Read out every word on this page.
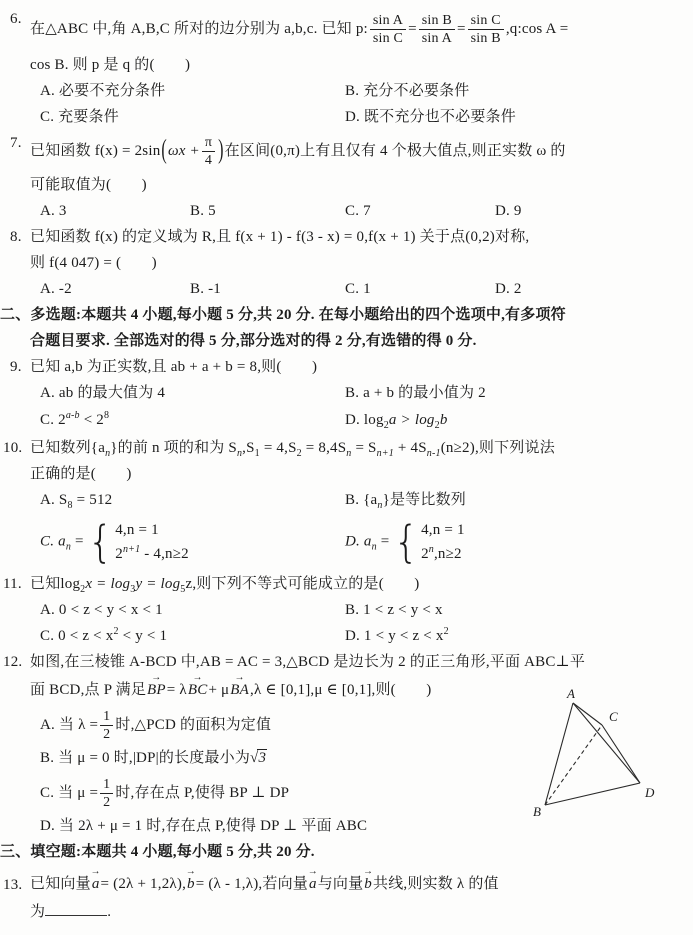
6.
在△ABC 中,角 A,B,C 所对的边分别为 a,b,c. 已知 p: $\frac{\text{sin A}}{\text{sin C}} = \frac{\text{sin B}}{\text{sin A}} = \frac{\text{sin C}}{\text{sin B}}$ ,q:cos A =
cos B. 则 p 是 q 的(　　)
A. 必要不充分条件	B. 充分不必要条件
C. 充要条件	D. 既不充分也不必要条件
7. 已知函数 f(x) = 2sin ( $\omega x + \frac{\pi}{4}$ ) 在区间(0,π)上有且仅有 4 个极大值点,则正实数 ω 的
可能取值为(　　)
A. 3	B. 5	C. 7	D. 9
8. 已知函数 f(x) 的定义域为 R,且 f(x + 1) - f(3 - x) = 0,f(x + 1) 关于点(0,2)对称,
则 f(4 047) = (　　)
A. -2	B. -1	C. 1	D. 2
二、多选题:本题共 4 小题,每小题 5 分,共 20 分. 在每小题给出的四个选项中,有多项符
合题目要求. 全部选对的得 5 分,部分选对的得 2 分,有选错的得 0 分.
9. 已知 a,b 为正实数,且 ab + a + b = 8,则(　　)
A. ab 的最大值为 4	B. a + b 的最小值为 2
C. $2^{a-b} < 2^8$	D. $\log_2a > \log_2b$
10. 已知数列$\{a_n\}$的前 n 项的和为 $S_n,S_1 = 4,S_2 = 8,4S_n = S_{n+1} + 4S_{n-1}(n\ge 2)$,则下列说法
正确的是(　　)
A. $S_8 = 512$	B. $\{a_n\}$是等比数列
C. $a_n$ = { 4,n = 1
$2^{n+1} - 4,n\ge 2$
D. $a_n$ = { 4,n = 1
$2^n,n\ge 2$
11. 已知$\log_2x = \log_3y = \log_5z$,则下列不等式可能成立的是(　　)
A. 0 < z < y < x < 1	B. 1 < z < y < x
C. $0 < z < x^2 < y < 1$	D. $1 < y < z < x^2$
12. 如图,在三棱锥 A-BCD 中,AB = AC = 3,△BCD 是边长为 2 的正三角形,平面 ABC⊥平
面 BCD,点 P 满足
→
BP = λ
→
BC + μ
→
BA ,λ ∈ [0,1],μ ∈ [0,1],则(　　)
A. 当 $\lambda = \frac{1}{2}$ 时,△PCD 的面积为定值
B. 当 μ = 0 时,|DP|的长度最小为√3
C. 当 $\mu = \frac{1}{2}$ 时,存在点 P,使得 BP ⊥ DP
D. 当 2λ + μ = 1 时,存在点 P,使得 DP ⊥ 平面 ABC
A
B
C
D
三、填空题:本题共 4 小题,每小题 5 分,共 20 分.
13. 已知向量
→
a = (2λ + 1,2λ),
→
b = (λ - 1,λ),若向量
→
a 与向量
→
b 共线,则实数 λ 的值
为	.
